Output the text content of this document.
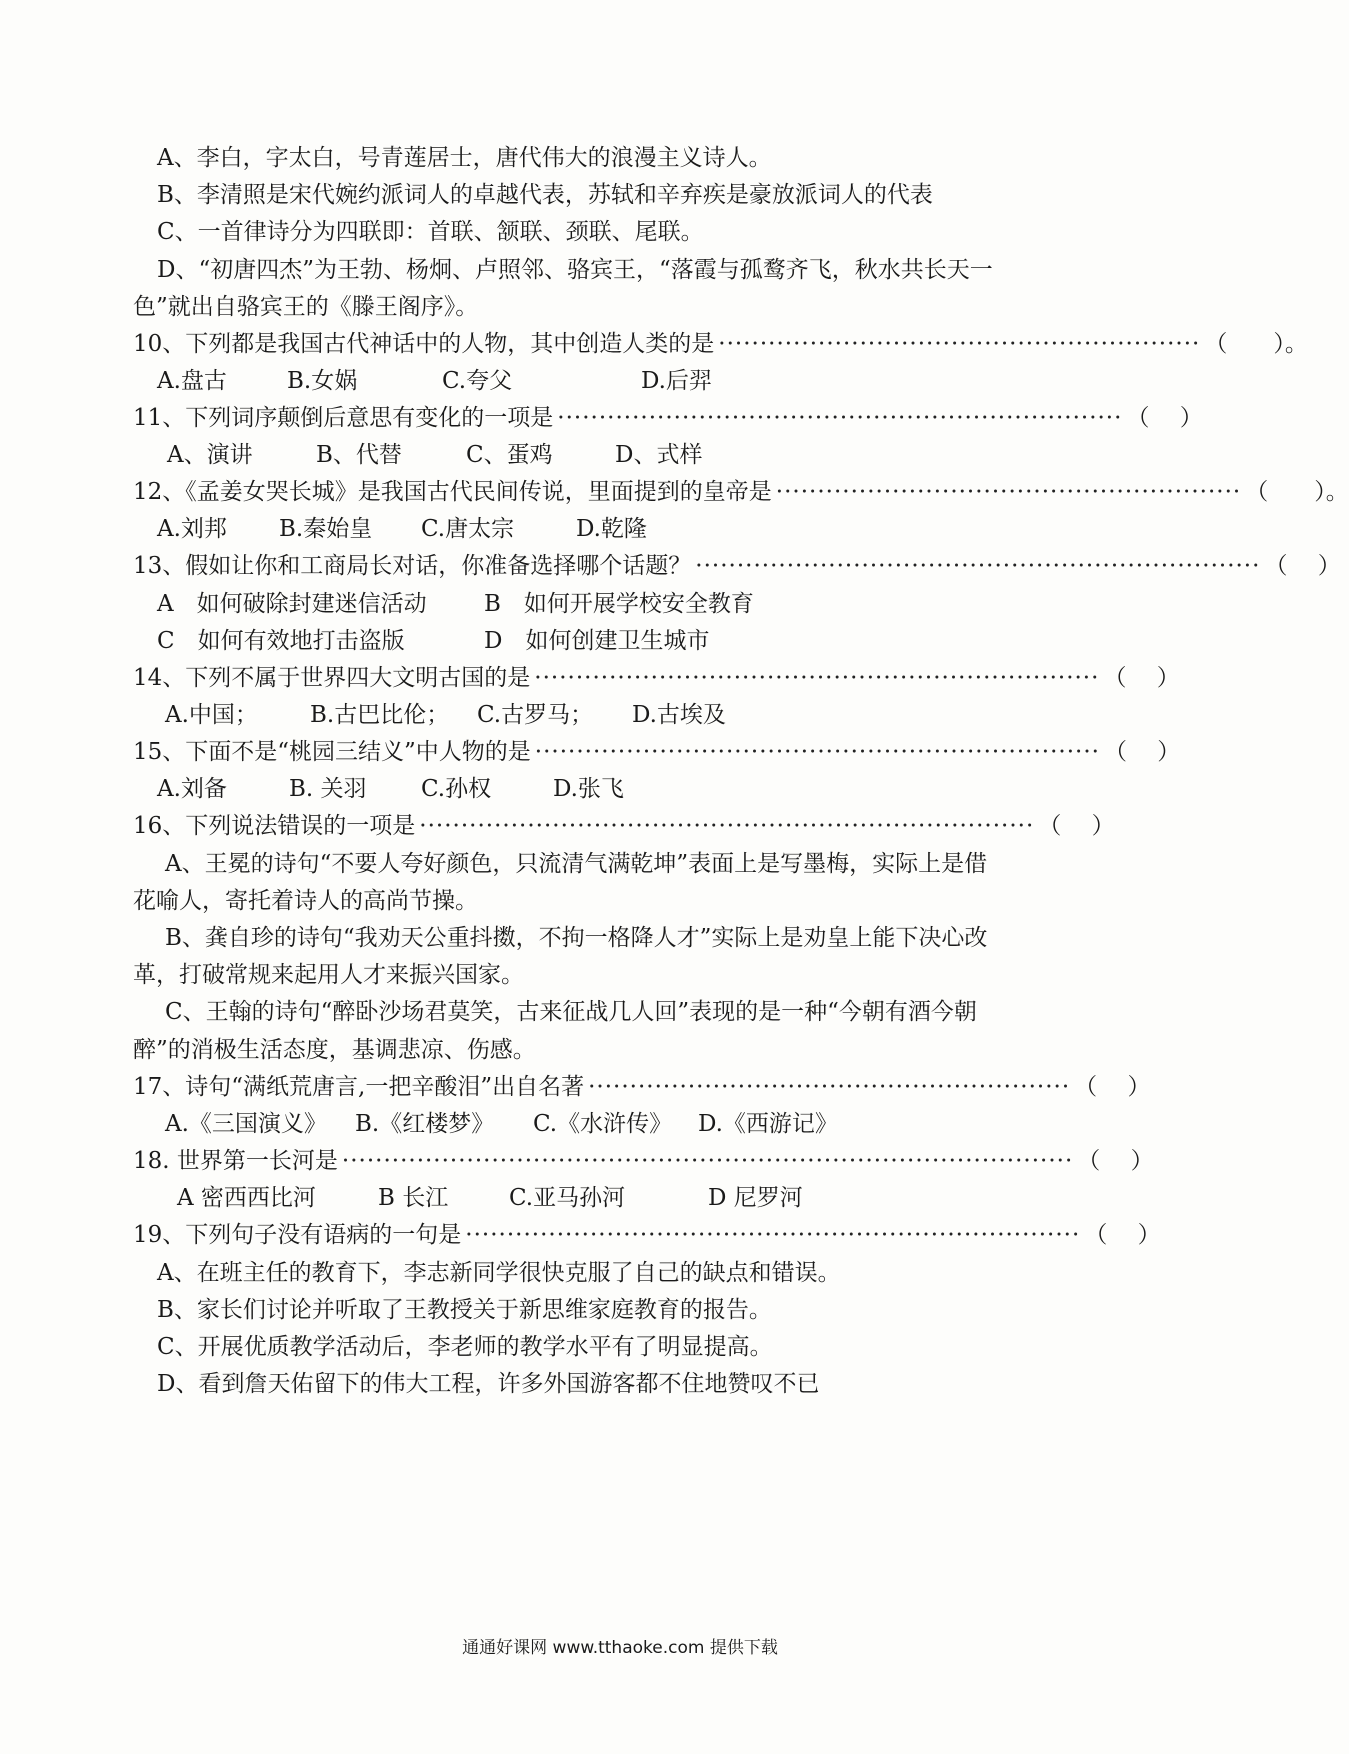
A、李白，字太白，号青莲居士，唐代伟大的浪漫主义诗人。
B、李清照是宋代婉约派词人的卓越代表，苏轼和辛弃疾是豪放派词人的代表
C、一首律诗分为四联即：首联、颔联、颈联、尾联。
D、“初唐四杰”为王勃、杨炯、卢照邻、骆宾王，“落霞与孤鹜齐飞，秋水共长天一
色”就出自骆宾王的《滕王阁序》。
10、下列都是我国古代神话中的人物，其中创造人类的是 ·························································· （　　）。
A.盘古	B.女娲	C.夸父	D.后羿
11、下列词序颠倒后意思有变化的一项是 ···································································· （　 ）
A、演讲	B、代替	C、蛋鸡	D、式样
12、《孟姜女哭长城》是我国古代民间传说，里面提到的皇帝是 ························································ （　　）。
A.刘邦 B.秦始皇 C.唐太宗	D.乾隆
13、假如让你和工商局长对话，你准备选择哪个话题？ ···································································· （　 ）
A　如何破除封建迷信活动 B　如何开展学校安全教育
C　如何有效地打击盗版	D　如何创建卫生城市
14、下列不属于世界四大文明古国的是 ···································································· （　 ）
A.中国； B.古巴比伦； C.古罗马； D.古埃及
15、下面不是“桃园三结义”中人物的是 ···································································· （　 ）
A.刘备	B. 关羽 C.孙权	D.张飞
16、下列说法错误的一项是 ·········································································· （　 ）
A、王冕的诗句“不要人夸好颜色，只流清气满乾坤”表面上是写墨梅，实际上是借
花喻人，寄托着诗人的高尚节操。
B、龚自珍的诗句“我劝天公重抖擞，不拘一格降人才”实际上是劝皇上能下决心改
革，打破常规来起用人才来振兴国家。
C、王翰的诗句“醉卧沙场君莫笑，古来征战几人回”表现的是一种“今朝有酒今朝
醉”的消极生活态度，基调悲凉、伤感。
17、诗句“满纸荒唐言,一把辛酸泪”出自名著 ·························································· （　 ）
A.《三国演义》 B.《红楼梦》 C.《水浒传》 D.《西游记》
18. 世界第一长河是 ························································································ （　 ）
A 密西西比河	B 长江	C.亚马孙河	D 尼罗河
19、下列句子没有语病的一句是 ·········································································· （　 ）
A、在班主任的教育下，李志新同学很快克服了自己的缺点和错误。
B、家长们讨论并听取了王教授关于新思维家庭教育的报告。
C、开展优质教学活动后，李老师的教学水平有了明显提高。
D、看到詹天佑留下的伟大工程，许多外国游客都不住地赞叹不已
通通好课网 www.tthaoke.com 提供下载
